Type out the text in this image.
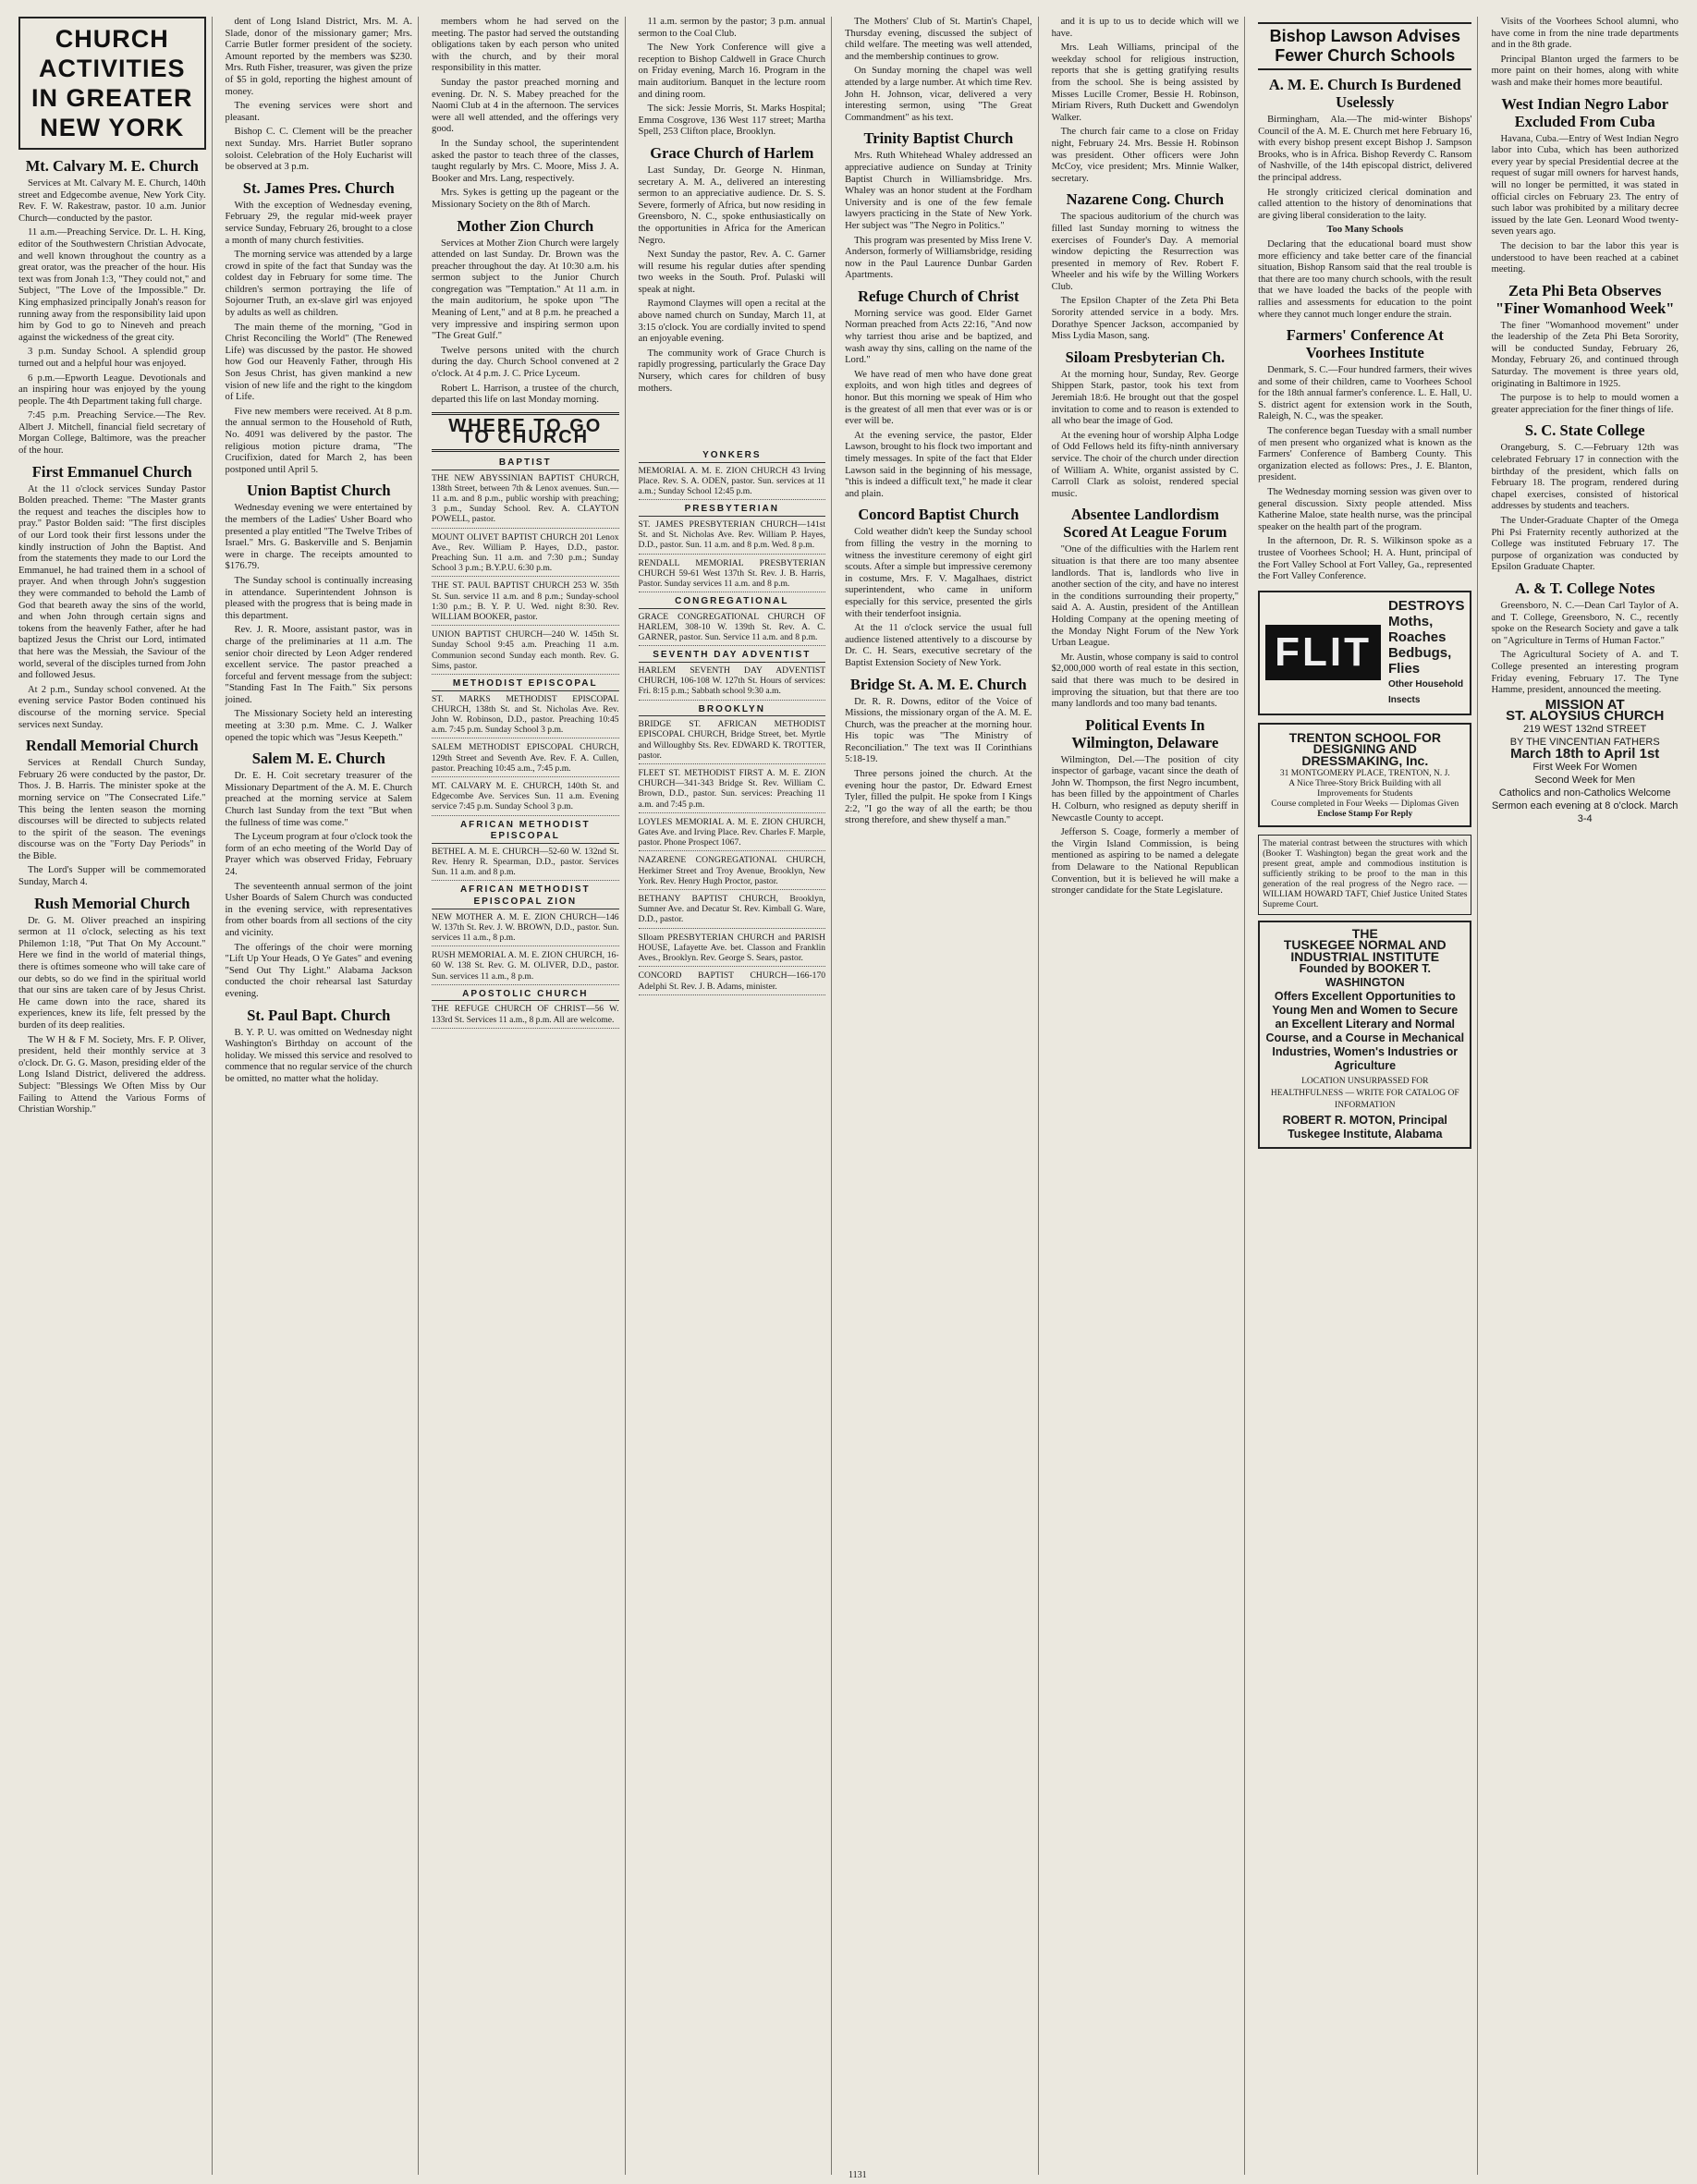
CHURCH ACTIVITIES
IN GREATER NEW YORK
Mt. Calvary M. E. Church

Services at Mt. Calvary M. E. Church, 140th street and Edgecombe avenue, New York City. Rev. F. W. Rakestraw, pastor. 10 a.m. Junior Church—conducted by the pastor.

11 a.m.—Preaching Service. Dr. L. H. King, editor of the Southwestern Christian Advocate, and well known throughout the country as a great orator, was the preacher of the hour. His text was from Jonah 1:3, "They could not," and Subject, "The Love of the Impossible." Dr. King emphasized principally Jonah's reason for running away from the responsibility laid upon him by God to go to Nineveh and preach against the wickedness of the great city.

3 p.m. Sunday School. A splendid group turned out and a helpful hour was enjoyed.

6 p.m.—Epworth League. Devotionals and an inspiring hour was enjoyed by the young people. The 4th Department taking full charge.

7:45 p.m. Preaching Service.—The Rev. Albert J. Mitchell, financial field secretary of Morgan College, Baltimore, was the preacher of the hour.

First Emmanuel Church

At the 11 o'clock services Sunday Pastor Bolden preached. Theme: "The Master grants the request and teaches the disciples how to pray." Pastor Bolden said: "The first disciples of our Lord took their first lessons under the kindly instruction of John the Baptist. And from the statements they made to our Lord the Emmanuel, he had trained them in a school of prayer. And when through John's suggestion they were commanded to behold the Lamb of God that beareth away the sins of the world, and when John through certain signs and tokens from the heavenly Father, after he had baptized Jesus the Christ our Lord, intimated that here was the Messiah, the Saviour of the world, several of the disciples turned from John and followed Jesus.

At 2 p.m., Sunday school convened. At the evening service Pastor Boden continued his discourse of the morning service. Special services next Sunday.

Rendall Memorial Church

Services at Rendall Church Sunday, February 26 were conducted by the pastor, Dr. Thos. J. B. Harris. The minister spoke at the morning service on "The Consecrated Life." This being the lenten season the morning discourses will be directed to subjects related to the spirit of the season. The evenings discourse was on the "Forty Day Periods" in the Bible.

The Lord's Supper will be commemorated Sunday, March 4.

Rush Memorial Church

Dr. G. M. Oliver preached an inspiring sermon at 11 o'clock, selecting as his text Philemon 1:18, "Put That On My Account." Here we find in the world of material things, there is oftimes someone who will take care of our debts, so do we find in the spiritual world that our sins are taken care of by Jesus Christ. He came down into the race, shared its experiences, knew its life, felt pressed by the burden of its deep realities.

The W H & F M. Society, Mrs. F. P. Oliver, president, held their monthly service at 3 o'clock. Dr. G. G. Mason, presiding elder of the Long Island District, delivered the address. Subject: "Blessings We Often Miss by Our Failing to Attend the Various Forms of Christian Worship."

dent of Long Island District, Mrs. M. A. Slade, donor of the missionary gamer; Mrs. Carrie Butler former president of the society. Amount reported by the members was $230. Mrs. Ruth Fisher, treasurer, was given the prize of $5 in gold, reporting the highest amount of money.

The evening services were short and pleasant.

Bishop C. C. Clement will be the preacher next Sunday. Mrs. Harriet Butler soprano soloist. Celebration of the Holy Eucharist will be observed at 3 p.m.

St. James Pres. Church

With the exception of Wednesday evening, February 29, the regular mid-week prayer service Sunday, February 26, brought to a close a month of many church festivities.

The morning service was attended by a large crowd in spite of the fact that Sunday was the coldest day in February for some time. The children's sermon portraying the life of Sojourner Truth, an ex-slave girl was enjoyed by adults as well as children.

The main theme of the morning, "God in Christ Reconciling the World" (The Renewed Life) was discussed by the pastor. He showed how God our Heavenly Father, through His Son Jesus Christ, has given mankind a new vision of new life and the right to the kingdom of Life.

Five new members were received. At 8 p.m. the annual sermon to the Household of Ruth, No. 4091 was delivered by the pastor. The religious motion picture drama, "The Crucifixion, dated for March 2, has been postponed until April 5.

Union Baptist Church

Wednesday evening we were entertained by the members of the Ladies' Usher Board who presented a play entitled "The Twelve Tribes of Israel." Mrs. G. Baskerville and S. Benjamin were in charge. The receipts amounted to $176.79.

The Sunday school is continually increasing in attendance. Superintendent Johnson is pleased with the progress that is being made in this department.

Rev. J. R. Moore, assistant pastor, was in charge of the preliminaries at 11 a.m. The senior choir directed by Leon Adger rendered excellent service. The pastor preached a forceful and fervent message from the subject: "Standing Fast In The Faith." Six persons joined.

The Missionary Society held an interesting meeting at 3:30 p.m. Mme. C. J. Walker opened the topic which was "Jesus Keepeth."

Salem M. E. Church

Dr. E. H. Coit secretary treasurer of the Missionary Department of the A. M. E. Church preached at the morning service at Salem Church last Sunday from the text "But when the fullness of time was come."

The Lyceum program at four o'clock took the form of an echo meeting of the World Day of Prayer which was observed Friday, February 24.

The seventeenth annual sermon of the joint Usher Boards of Salem Church was conducted in the evening service, with representatives from other boards from all sections of the city and vicinity.

The offerings of the choir were morning "Lift Up Your Heads, O Ye Gates" and evening "Send Out Thy Light." Alabama Jackson conducted the choir rehearsal last Saturday evening.

St. Paul Bapt. Church

B. Y. P. U. was omitted on Wednesday night Washington's Birthday on account of the holiday. We missed this service and resolved to commence that no regular service of the church be omitted, no matter what the holiday.

members whom he had served on the meeting. The pastor had served the outstanding obligations taken by each person who united with the church, and by their moral responsibility in this matter.

Sunday the pastor preached morning and evening. Dr. N. S. Mabey preached for the Naomi Club at 4 in the afternoon. The services were all well attended, and the offerings very good.

In the Sunday school, the superintendent asked the pastor to teach three of the classes, taught regularly by Mrs. C. Moore, Miss J. A. Booker and Mrs. Lang, respectively.

Mrs. Sykes is getting up the pageant or the Missionary Society on the 8th of March.

Mother Zion Church

Services at Mother Zion Church were largely attended on last Sunday. Dr. Brown was the preacher throughout the day. At 10:30 a.m. his sermon subject to the Junior Church congregation was "Temptation." At 11 a.m. in the main auditorium, he spoke upon "The Meaning of Lent," and at 8 p.m. he preached a very impressive and inspiring sermon upon "The Great Gulf."

Twelve persons united with the church during the day. Church School convened at 2 o'clock. At 4 p.m. J. C. Price Lyceum.

Robert L. Harrison, a trustee of the church, departed this life on last Monday morning.

WHERE TO GO TO CHURCH
BAPTIST
THE NEW ABYSSINIAN BAPTIST CHURCH, 138th Street, between 7th & Lenox avenues. Sun.—11 a.m. and 8 p.m., public worship with preaching; 3 p.m., Sunday School. Rev. A. CLAYTON POWELL, pastor.
MOUNT OLIVET BAPTIST CHURCH 201 Lenox Ave., Rev. William P. Hayes, D.D., pastor. Preaching Sun. 11 a.m. and 7:30 p.m.; Sunday School 3 p.m.; B.Y.P.U. 6:30 p.m.
THE ST. PAUL BAPTIST CHURCH 253 W. 35th St. Sun. service 11 a.m. and 8 p.m.; Sunday-school 1:30 p.m.; B. Y. P. U. Wed. night 8:30. Rev. WILLIAM BOOKER, pastor.
UNION BAPTIST CHURCH—240 W. 145th St. Sunday School 9:45 a.m. Preaching 11 a.m. Communion second Sunday each month. Rev. G. Sims, pastor.
METHODIST EPISCOPAL
ST. MARKS METHODIST EPISCOPAL CHURCH, 138th St. and St. Nicholas Ave. Rev. John W. Robinson, D.D., pastor. Preaching 10:45 a.m. 7:45 p.m. Sunday School 3 p.m.
SALEM METHODIST EPISCOPAL CHURCH, 129th Street and Seventh Ave. Rev. F. A. Cullen, pastor. Preaching 10:45 a.m., 7:45 p.m.
MT. CALVARY M. E. CHURCH, 140th St. and Edgecombe Ave. Services Sun. 11 a.m. Evening service 7:45 p.m. Sunday School 3 p.m.
AFRICAN METHODIST EPISCOPAL
BETHEL A. M. E. CHURCH—52-60 W. 132nd St. Rev. Henry R. Spearman, D.D., pastor. Services Sun. 11 a.m. and 8 p.m.
AFRICAN METHODIST EPISCOPAL ZION
NEW MOTHER A. M. E. ZION CHURCH—146 W. 137th St. Rev. J. W. BROWN, D.D., pastor. Sun. services 11 a.m., 8 p.m.
RUSH MEMORIAL A. M. E. ZION CHURCH, 16-60 W. 138 St. Rev. G. M. OLIVER, D.D., pastor. Sun. services 11 a.m., 8 p.m.
APOSTOLIC CHURCH
THE REFUGE CHURCH OF CHRIST—56 W. 133rd St. Services 11 a.m., 8 p.m. All are welcome.

11 a.m. sermon by the pastor; 3 p.m. annual sermon to the Coal Club.

The New York Conference will give a reception to Bishop Caldwell in Grace Church on Friday evening, March 16. Program in the main auditorium. Banquet in the lecture room and dining room.

The sick: Jessie Morris, St. Marks Hospital; Emma Cosgrove, 136 West 117 street; Martha Spell, 253 Clifton place, Brooklyn.

Grace Church of Harlem

Last Sunday, Dr. George N. Hinman, secretary A. M. A., delivered an interesting sermon to an appreciative audience. Dr. S. S. Severe, formerly of Africa, but now residing in Greensboro, N. C., spoke enthusiastically on the opportunities in Africa for the American Negro.

Next Sunday the pastor, Rev. A. C. Garner will resume his regular duties after spending two weeks in the South. Prof. Pulaski will speak at night.

Raymond Claymes will open a recital at the above named church on Sunday, March 11, at 3:15 o'clock. You are cordially invited to spend an enjoyable evening.

The community work of Grace Church is rapidly progressing, particularly the Grace Day Nursery, which cares for children of busy mothers.

YONKERS
MEMORIAL A. M. E. ZION CHURCH 43 Irving Place. Rev. S. A. ODEN, pastor. Sun. services at 11 a.m.; Sunday School 12:45 p.m.
PRESBYTERIAN
ST. JAMES PRESBYTERIAN CHURCH—141st St. and St. Nicholas Ave. Rev. William P. Hayes, D.D., pastor. Sun. 11 a.m. and 8 p.m. Wed. 8 p.m.
RENDALL MEMORIAL PRESBYTERIAN CHURCH 59-61 West 137th St. Rev. J. B. Harris, Pastor. Sunday services 11 a.m. and 8 p.m.
CONGREGATIONAL
GRACE CONGREGATIONAL CHURCH OF HARLEM, 308-10 W. 139th St. Rev. A. C. GARNER, pastor. Sun. Service 11 a.m. and 8 p.m.
SEVENTH DAY ADVENTIST
HARLEM SEVENTH DAY ADVENTIST CHURCH, 106-108 W. 127th St. Hours of services: Fri. 8:15 p.m.; Sabbath school 9:30 a.m.
BROOKLYN
BRIDGE ST. AFRICAN METHODIST EPISCOPAL CHURCH, Bridge Street, bet. Myrtle and Willoughby Sts. Rev. EDWARD K. TROTTER, pastor.
FLEET ST. METHODIST FIRST A. M. E. ZION CHURCH—341-343 Bridge St. Rev. William C. Brown, D.D., pastor. Sun. services: Preaching 11 a.m. and 7:45 p.m.
LOYLES MEMORIAL A. M. E. ZION CHURCH, Gates Ave. and Irving Place. Rev. Charles F. Marple, pastor. Phone Prospect 1067.
NAZARENE CONGREGATIONAL CHURCH, Herkimer Street and Troy Avenue, Brooklyn, New York. Rev. Henry Hugh Proctor, pastor.
BETHANY BAPTIST CHURCH, Brooklyn, Sumner Ave. and Decatur St. Rev. Kimball G. Ware, D.D., pastor.
SIloam PRESBYTERIAN CHURCH and PARISH HOUSE, Lafayette Ave. bet. Classon and Franklin Aves., Brooklyn. Rev. George S. Sears, pastor.
CONCORD BAPTIST CHURCH—166-170 Adelphi St. Rev. J. B. Adams, minister.

The Mothers' Club of St. Martin's Chapel, Thursday evening, discussed the subject of child welfare. The meeting was well attended, and the membership continues to grow.

On Sunday morning the chapel was well attended by a large number. At which time Rev. John H. Johnson, vicar, delivered a very interesting sermon, using "The Great Commandment" as his text.

Trinity Baptist Church

Mrs. Ruth Whitehead Whaley addressed an appreciative audience on Sunday at Trinity Baptist Church in Williamsbridge. Mrs. Whaley was an honor student at the Fordham University and is one of the few female lawyers practicing in the State of New York. Her subject was "The Negro in Politics."

This program was presented by Miss Irene V. Anderson, formerly of Williamsbridge, residing now in the Paul Laurence Dunbar Garden Apartments.

Refuge Church of Christ

Morning service was good. Elder Garnet Norman preached from Acts 22:16, "And now why tarriest thou arise and be baptized, and wash away thy sins, calling on the name of the Lord."

We have read of men who have done great exploits, and won high titles and degrees of honor. But this morning we speak of Him who is the greatest of all men that ever was or is or ever will be.

At the evening service, the pastor, Elder Lawson, brought to his flock two important and timely messages. In spite of the fact that Elder Lawson said in the beginning of his message, "this is indeed a difficult text," he made it clear and plain.

Concord Baptist Church

Cold weather didn't keep the Sunday school from filling the vestry in the morning to witness the investiture ceremony of eight girl scouts. After a simple but impressive ceremony in costume, Mrs. F. V. Magalhaes, district superintendent, who came in uniform especially for this service, presented the girls with their tenderfoot insignia.

At the 11 o'clock service the usual full audience listened attentively to a discourse by Dr. C. H. Sears, executive secretary of the Baptist Extension Society of New York.

Bridge St. A. M. E. Church

Dr. R. R. Downs, editor of the Voice of Missions, the missionary organ of the A. M. E. Church, was the preacher at the morning hour. His topic was "The Ministry of Reconciliation." The text was II Corinthians 5:18-19.

Three persons joined the church. At the evening hour the pastor, Dr. Edward Ernest Tyler, filled the pulpit. He spoke from I Kings 2:2, "I go the way of all the earth; be thou strong therefore, and shew thyself a man."

and it is up to us to decide which will we have.

Mrs. Leah Williams, principal of the weekday school for religious instruction, reports that she is getting gratifying results from the school. She is being assisted by Misses Lucille Cromer, Bessie H. Robinson, Miriam Rivers, Ruth Duckett and Gwendolyn Walker.

The church fair came to a close on Friday night, February 24. Mrs. Bessie H. Robinson was president. Other officers were John McCoy, vice president; Mrs. Minnie Walker, secretary.

Nazarene Cong. Church

The spacious auditorium of the church was filled last Sunday morning to witness the exercises of Founder's Day. A memorial window depicting the Resurrection was presented in memory of Rev. Robert F. Wheeler and his wife by the Willing Workers Club.

The Epsilon Chapter of the Zeta Phi Beta Sorority attended service in a body. Mrs. Dorathye Spencer Jackson, accompanied by Miss Lydia Mason, sang.

Siloam Presbyterian Ch.

At the morning hour, Sunday, Rev. George Shippen Stark, pastor, took his text from Jeremiah 18:6. He brought out that the gospel invitation to come and to reason is extended to all who bear the image of God.

At the evening hour of worship Alpha Lodge of Odd Fellows held its fifty-ninth anniversary service. The choir of the church under direction of William A. White, organist assisted by C. Carroll Clark as soloist, rendered special music.

Absentee Landlordism Scored At League Forum

"One of the difficulties with the Harlem rent situation is that there are too many absentee landlords. That is, landlords who live in another section of the city, and have no interest in the conditions surrounding their property," said A. A. Austin, president of the Antillean Holding Company at the opening meeting of the Monday Night Forum of the New York Urban League.

Mr. Austin, whose company is said to control $2,000,000 worth of real estate in this section, said that there was much to be desired in improving the situation, but that there are too many landlords and too many bad tenants.

Political Events In Wilmington, Delaware

Wilmington, Del.—The position of city inspector of garbage, vacant since the death of John W. Thompson, the first Negro incumbent, has been filled by the appointment of Charles H. Colburn, who resigned as deputy sheriff in Newcastle County to accept.

Jefferson S. Coage, formerly a member of the Virgin Island Commission, is being mentioned as aspiring to be named a delegate from Delaware to the National Republican Convention, but it is believed he will make a stronger candidate for the State Legislature.

Bishop Lawson Advises Fewer Church Schools
A. M. E. Church Is Burdened Uselessly

Birmingham, Ala.—The mid-winter Bishops' Council of the A. M. E. Church met here February 16, with every bishop present except Bishop J. Sampson Brooks, who is in Africa. Bishop Reverdy C. Ransom of Nashville, of the 14th episcopal district, delivered the principal address.

He strongly criticized clerical domination and called attention to the history of denominations that are giving liberal consideration to the laity.

Too Many Schools

Declaring that the educational board must show more efficiency and take better care of the financial situation, Bishop Ransom said that the real trouble is that there are too many church schools, with the result that we have loaded the backs of the people with rallies and assessments for education to the point where they cannot much longer endure the strain.

Farmers' Conference At Voorhees Institute

Denmark, S. C.—Four hundred farmers, their wives and some of their children, came to Voorhees School for the 18th annual farmer's conference. L. E. Hall, U. S. district agent for extension work in the South, Raleigh, N. C., was the speaker.

The conference began Tuesday with a small number of men present who organized what is known as the Farmers' Conference of Bamberg County. This organization elected as follows: Pres., J. E. Blanton, president.

The Wednesday morning session was given over to general discussion. Sixty people attended. Miss Katherine Maloe, state health nurse, was the principal speaker on the health part of the program.

In the afternoon, Dr. R. S. Wilkinson spoke as a trustee of Voorhees School; H. A. Hunt, principal of the Fort Valley School at Fort Valley, Ga., represented the Fort Valley Conference.

FLIT
DESTROYS
Moths, Roaches
Bedbugs, Flies
Other Household Insects
TRENTON SCHOOL FOR DESIGNING AND DRESSMAKING, Inc.
31 MONTGOMERY PLACE, TRENTON, N. J.
A Nice Three-Story Brick Building with all Improvements for Students
Course completed in Four Weeks — Diplomas Given
Enclose Stamp For Reply
The material contrast between the structures with which (Booker T. Washington) began the great work and the present great, ample and commodious institution is sufficiently striking to be proof to the man in this generation of the real progress of the Negro race. — WILLIAM HOWARD TAFT, Chief Justice United States Supreme Court.
THE
TUSKEGEE NORMAL AND INDUSTRIAL INSTITUTE
Founded by BOOKER T. WASHINGTON
Offers Excellent Opportunities to Young Men and Women to Secure an Excellent Literary and Normal Course, and a Course in Mechanical Industries, Women's Industries or Agriculture
LOCATION UNSURPASSED FOR HEALTHFULNESS — WRITE FOR CATALOG OF INFORMATION
ROBERT R. MOTON, Principal
Tuskegee Institute, Alabama

Visits of the Voorhees School alumni, who have come in from the nine trade departments and in the 8th grade.

Principal Blanton urged the farmers to be more paint on their homes, along with white wash and make their homes more beautiful.

West Indian Negro Labor Excluded From Cuba

Havana, Cuba.—Entry of West Indian Negro labor into Cuba, which has been authorized every year by special Presidential decree at the request of sugar mill owners for harvest hands, will no longer be permitted, it was stated in official circles on February 23. The entry of such labor was prohibited by a military decree issued by the late Gen. Leonard Wood twenty-seven years ago.

The decision to bar the labor this year is understood to have been reached at a cabinet meeting.

Zeta Phi Beta Observes "Finer Womanhood Week"

The finer "Womanhood movement" under the leadership of the Zeta Phi Beta Sorority, will be conducted Sunday, February 26, Monday, February 26, and continued through Saturday. The movement is three years old, originating in Baltimore in 1925.

The purpose is to help to mould women a greater appreciation for the finer things of life.

S. C. State College

Orangeburg, S. C.—February 12th was celebrated February 17 in connection with the birthday of the president, which falls on February 18. The program, rendered during chapel exercises, consisted of historical addresses by students and teachers.

The Under-Graduate Chapter of the Omega Phi Psi Fraternity recently authorized at the College was instituted February 17. The purpose of organization was conducted by Epsilon Graduate Chapter.

A. & T. College Notes

Greensboro, N. C.—Dean Carl Taylor of A. and T. College, Greensboro, N. C., recently spoke on the Research Society and gave a talk on "Agriculture in Terms of Human Factor."

The Agricultural Society of A. and T. College presented an interesting program Friday evening, February 17. The Tyne Hamme, president, announced the meeting.

MISSION AT
ST. ALOYSIUS CHURCH
219 WEST 132nd STREET
BY THE VINCENTIAN FATHERS
March 18th to April 1st
First Week For Women
Second Week for Men
Catholics and non-Catholics Welcome
Sermon each evening at 8 o'clock. March 3-4
1131
